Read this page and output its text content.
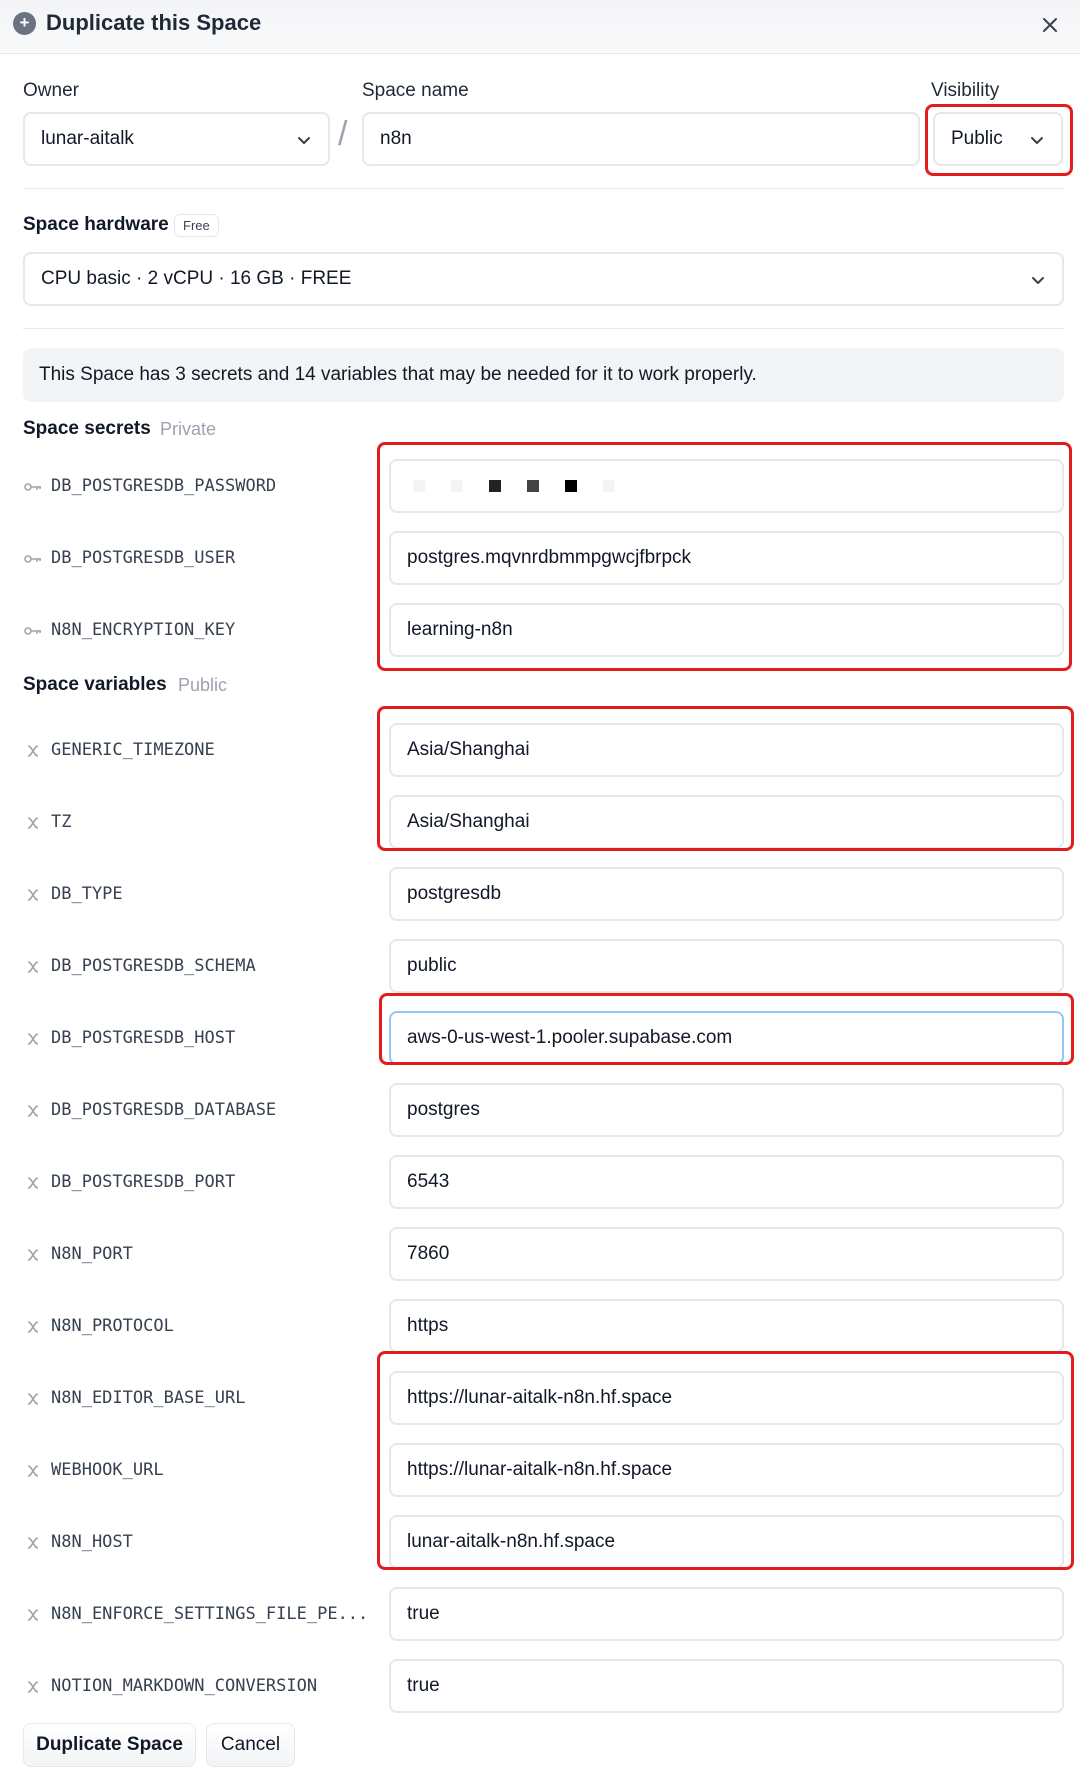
+ Duplicate this Space
Owner
lunar-aitalk	/
Space name
n8n
Visibility
Public
Space hardware	Free
CPU basic · 2 vCPU · 16 GB · FREE
This Space has 3 secrets and 14 variables that may be needed for it to work properly.
Space secrets Private
DB_POSTGRESDB_PASSWORD
DB_POSTGRESDB_USER	postgres.mqvnrdbmmpgwcjfbrpck
N8N_ENCRYPTION_KEY	learning-n8n
Space variables Public
GENERIC_TIMEZONE	Asia/Shanghai
TZ	Asia/Shanghai
DB_TYPE	postgresdb
DB_POSTGRESDB_SCHEMA	public
DB_POSTGRESDB_HOST	aws-0-us-west-1.pooler.supabase.com
DB_POSTGRESDB_DATABASE	postgres
DB_POSTGRESDB_PORT	6543
N8N_PORT	7860
N8N_PROTOCOL	https
N8N_EDITOR_BASE_URL	https://lunar-aitalk-n8n.hf.space
WEBHOOK_URL	https://lunar-aitalk-n8n.hf.space
N8N_HOST	lunar-aitalk-n8n.hf.space
N8N_ENFORCE_SETTINGS_FILE_PE... true
NOTION_MARKDOWN_CONVERSION	true
Duplicate Space	Cancel
